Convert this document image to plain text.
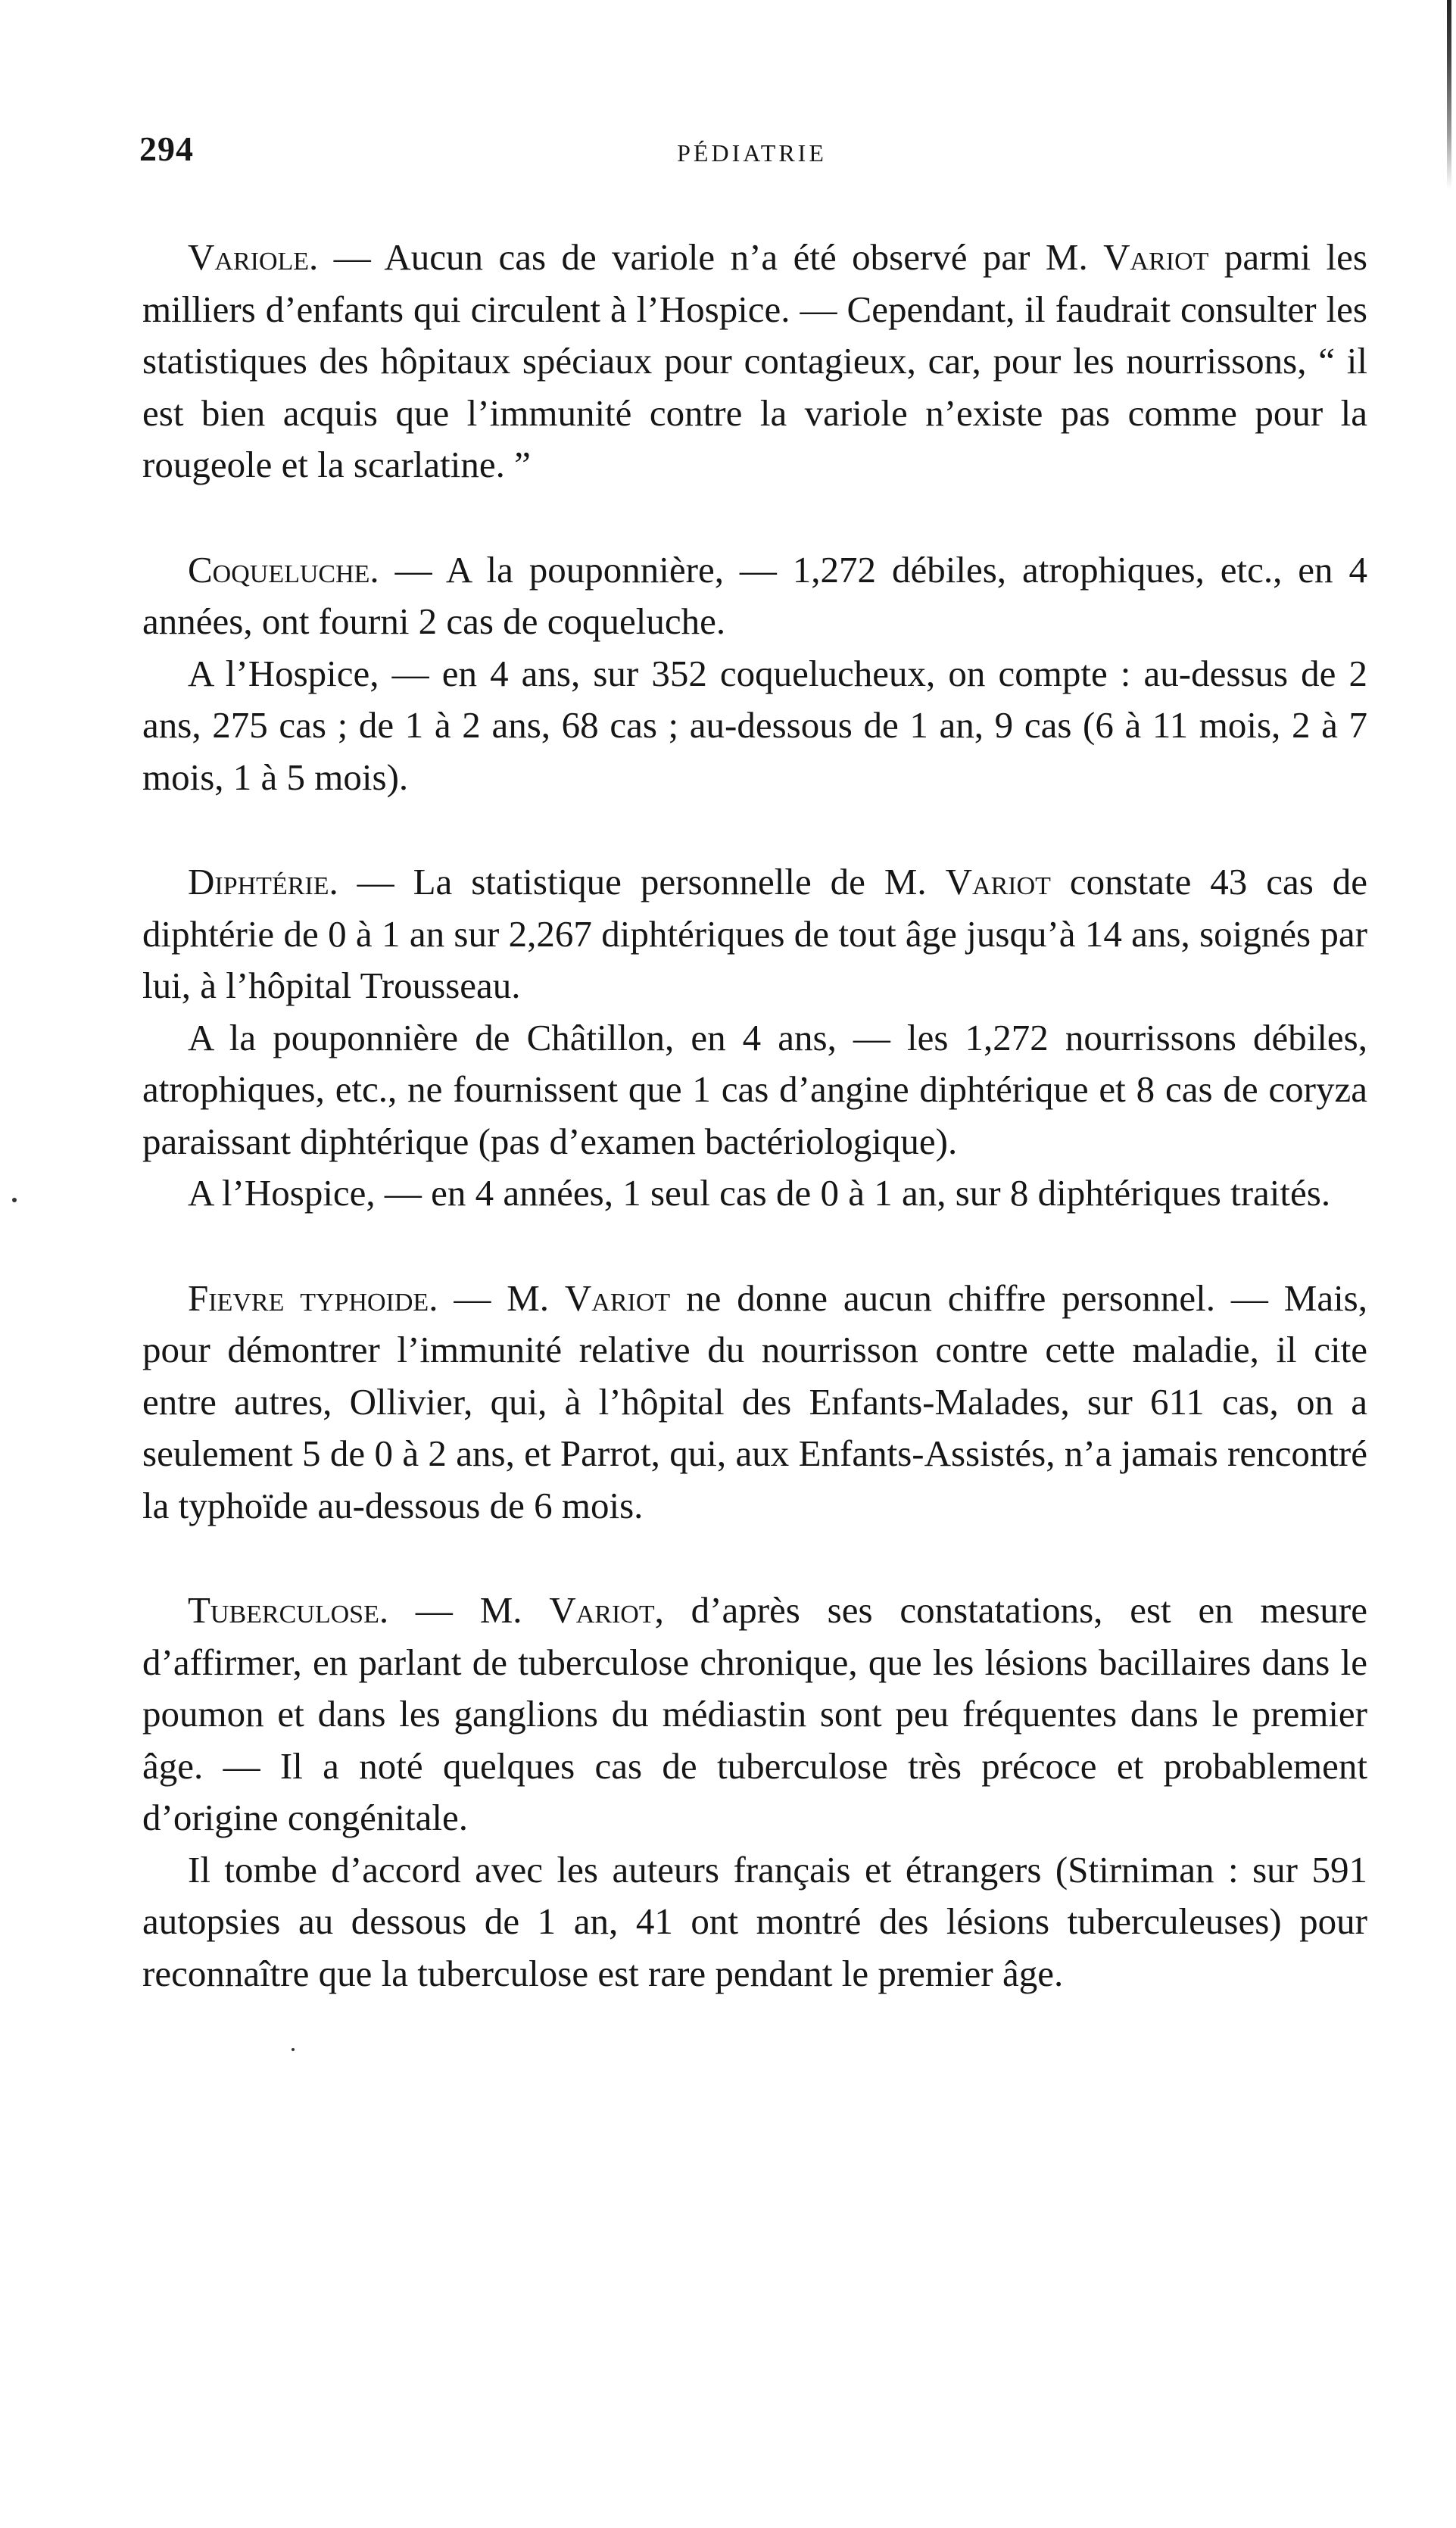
294	PÉDIATRIE

Variole. — Aucun cas de variole n’a été observé par M. Variot parmi les milliers d’enfants qui circulent à l’Hospice. — Cependant, il faudrait consulter les statistiques des hôpitaux spéciaux pour contagieux, car, pour les nourrissons, “ il est bien acquis que l’immunité contre la variole n’existe pas comme pour la rougeole et la scarlatine. ”

Coqueluche. — A la pouponnière, — 1,272 débiles, atrophiques, etc., en 4 années, ont fourni 2 cas de coqueluche.

A l’Hospice, — en 4 ans, sur 352 coquelucheux, on compte : au-dessus de 2 ans, 275 cas ; de 1 à 2 ans, 68 cas ; au-dessous de 1 an, 9 cas (6 à 11 mois, 2 à 7 mois, 1 à 5 mois).

Diphtérie. — La statistique personnelle de M. Variot constate 43 cas de diphtérie de 0 à 1 an sur 2,267 diphtériques de tout âge jusqu’à 14 ans, soignés par lui, à l’hôpital Trousseau.

A la pouponnière de Châtillon, en 4 ans, — les 1,272 nourrissons débiles, atrophiques, etc., ne fournissent que 1 cas d’angine diphtérique et 8 cas de coryza paraissant diphtérique (pas d’examen bactériologique).

A l’Hospice, — en 4 années, 1 seul cas de 0 à 1 an, sur 8 diphtériques traités.

Fievre typhoide. — M. Variot ne donne aucun chiffre personnel. — Mais, pour démontrer l’immunité relative du nourrisson contre cette maladie, il cite entre autres, Ollivier, qui, à l’hôpital des Enfants-Malades, sur 611 cas, on a seulement 5 de 0 à 2 ans, et Parrot, qui, aux Enfants-Assistés, n’a jamais rencontré la typhoïde au-dessous de 6 mois.

Tuberculose. — M. Variot, d’après ses constatations, est en mesure d’affirmer, en parlant de tuberculose chronique, que les lésions bacillaires dans le poumon et dans les ganglions du médiastin sont peu fréquentes dans le premier âge. — Il a noté quelques cas de tuberculose très précoce et probablement d’origine congénitale.

Il tombe d’accord avec les auteurs français et étrangers (Stirniman : sur 591 autopsies au dessous de 1 an, 41 ont montré des lésions tuberculeuses) pour reconnaître que la tuberculose est rare pendant le premier âge.
